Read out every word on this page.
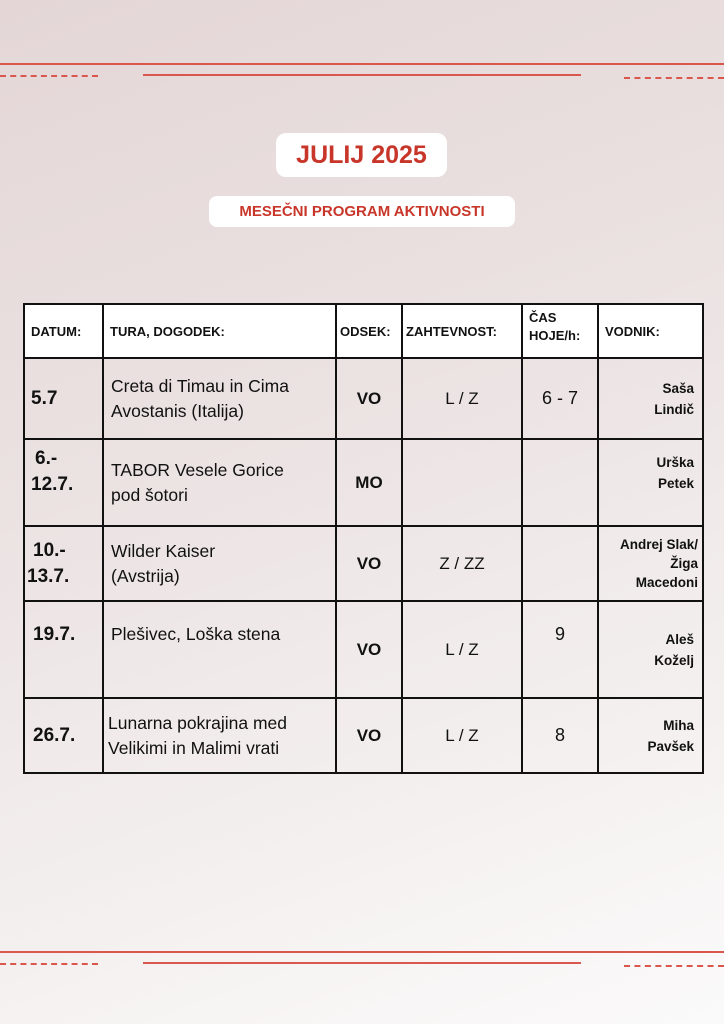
JULIJ 2025
MESEČNI PROGRAM AKTIVNOSTI
DATUM:	TURA, DOGODEK:	ODSEK:	ZAHTEVNOST:	ČAS
HOJE/h:	VODNIK:

5.7	Creta di Timau in Cima
Avostanis (Italija)	VO	L / Z	6 - 7	Saša
Lindič

6.-
12.7.	TABOR Vesele Gorice
pod šotori	MO			Urška
Petek

10.-
13.7.	Wilder Kaiser
(Avstrija)	VO	Z / ZZ		Andrej Slak/
Žiga
Macedoni

19.7.	Plešivec, Loška stena	VO	L / Z	9	Aleš
Koželj

26.7.	Lunarna pokrajina med
Velikimi in Malimi vrati	VO	L / Z	8	Miha
Pavšek
